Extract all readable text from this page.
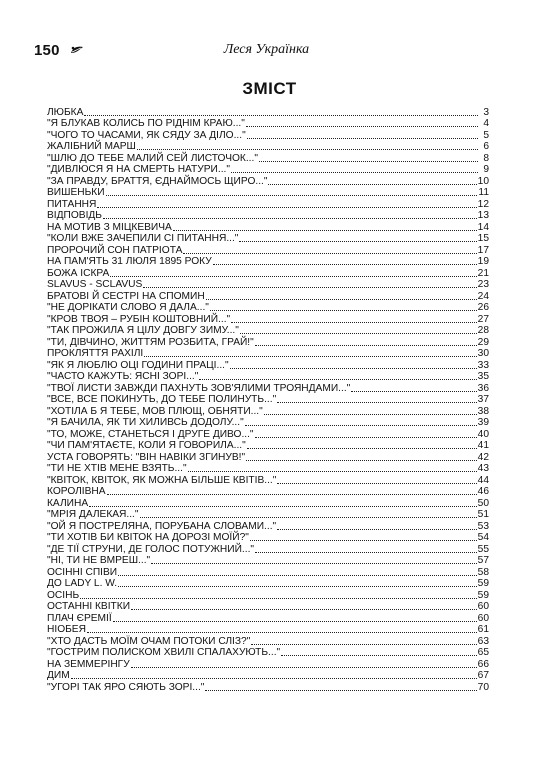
150	Леся Українка
ЗМІСТ
ЛЮБКА	3
"Я БЛУКАВ КОЛИСЬ ПО РІДНІМ КРАЮ..."	4
"ЧОГО ТО ЧАСАМИ, ЯК СЯДУ ЗА ДІЛО..."	5
ЖАЛІБНИЙ МАРШ	6
"ШЛЮ ДО ТЕБЕ МАЛИЙ СЕЙ ЛИСТОЧОК..."	8
"ДИВЛЮСЯ Я НА СМЕРТЬ НАТУРИ..."	9
"ЗА ПРАВДУ, БРАТТЯ, ЄДНАЙМОСЬ ЩИРО..."	10
ВИШЕНЬКИ	11
ПИТАННЯ	12
ВІДПОВІДЬ	13
НА МОТИВ З МІЦКЕВИЧА	14
"КОЛИ ВЖЕ ЗАЧЕПИЛИ СІ ПИТАННЯ..."	15
ПРОРОЧИЙ СОН ПАТРІОТА	17
НА ПАМ'ЯТЬ 31 ЛЮЛЯ 1895 РОКУ	19
БОЖА ІСКРА	21
SLAVUS - SCLAVUS	23
БРАТОВІ Й СЕСТРІ НА СПОМИН	24
"НЕ ДОРІКАТИ СЛОВО Я ДАЛА..."	26
"КРОВ ТВОЯ – РУБІН КОШТОВНИЙ..."	27
"ТАК ПРОЖИЛА Я ЦІЛУ ДОВГУ ЗИМУ..."	28
"ТИ, ДІВЧИНО, ЖИТТЯМ РОЗБИТА, ГРАЙ!"	29
ПРОКЛЯТТЯ РАХІЛІ	30
"ЯК Я ЛЮБЛЮ ОЦІ ГОДИНИ ПРАЦІ..."	33
"ЧАСТО КАЖУТЬ: ЯСНІ ЗОРІ..."	35
"ТВОЇ ЛИСТИ ЗАВЖДИ ПАХНУТЬ ЗОВ'ЯЛИМИ ТРОЯНДАМИ..."	36
"ВСЕ, ВСЕ ПОКИНУТЬ, ДО ТЕБЕ ПОЛИНУТЬ..."	37
"ХОТІЛА Б Я ТЕБЕ, МОВ ПЛЮЩ, ОБНЯТИ..."	38
"Я БАЧИЛА, ЯК ТИ ХИЛИВСЬ ДОДОЛУ..."	39
"ТО, МОЖЕ, СТАНЕТЬСЯ І ДРУГЕ ДИВО..."	40
"ЧИ ПАМ'ЯТАЄТЕ, КОЛИ Я ГОВОРИЛА..."	41
УСТА ГОВОРЯТЬ: "ВІН НАВІКИ ЗГИНУВ!"	42
"ТИ НЕ ХТІВ МЕНЕ ВЗЯТЬ..."	43
"КВІТОК, КВІТОК, ЯК МОЖНА БІЛЬШЕ КВІТІВ..."	44
КОРОЛІВНА	46
КАЛИНА	50
"МРІЯ ДАЛЕКАЯ..."	51
"ОЙ Я ПОСТРЕЛЯНА, ПОРУБАНА СЛОВАМИ..."	53
"ТИ ХОТІВ БИ КВІТОК НА ДОРОЗІ МОЇЙ?"	54
"ДЕ ТІЇ СТРУНИ, ДЕ ГОЛОС ПОТУЖНИЙ..."	55
"НІ, ТИ НЕ ВМРЕШ..."	57
ОСІННІ СПІВИ	58
ДО LADY L. W.	59
ОСІНЬ	59
ОСТАННІ КВІТКИ	60
ПЛАЧ ЄРЕМІЇ	60
НІОБЕЯ	61
"ХТО ДАСТЬ МОЇМ ОЧАМ ПОТОКИ СЛІЗ?"	63
"ГОСТРИМ ПОЛИСКОМ ХВИЛІ СПАЛАХУЮТЬ..."	65
НА ЗЕММЕРІНГУ	66
ДИМ	67
"УГОРІ ТАК ЯРО СЯЮТЬ ЗОРІ..."	70
